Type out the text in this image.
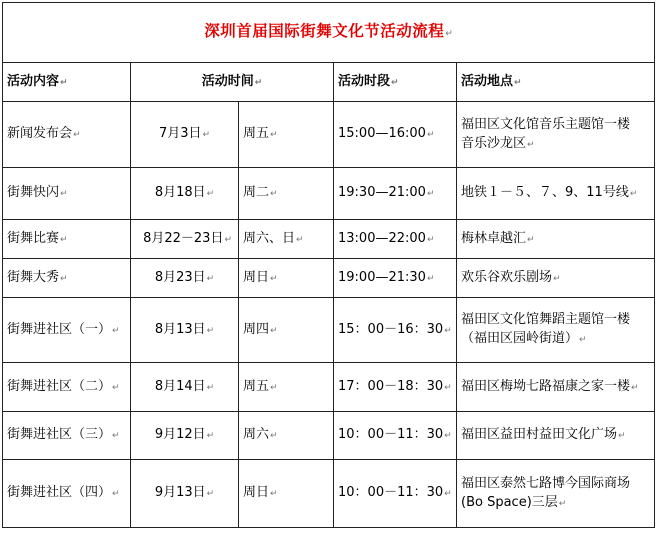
深圳首届国际街舞文化节活动流程↵				
活动内容↵	活动时间↵		活动时段↵	活动地点↵
新闻发布会↵	7月3日↵	周五↵	15:00—16:00↵	福田区文化馆音乐主题馆一楼
音乐沙龙区↵

街舞快闪↵	8月18日↵	周二↵	19:30—21:00↵	地铁１－５、７、9、11号线↵

街舞比赛↵	8月22－23日↵	周六、日↵	13:00—22:00↵	梅林卓越汇↵

街舞大秀↵	8月23日↵	周日↵	19:00—21:30↵	欢乐谷欢乐剧场↵

街舞进社区（一）↵	8月13日↵	周四↵	15：00－16：30↵	福田区文化馆舞蹈主题馆一楼
（福田区园岭街道）↵

街舞进社区（二）↵	8月14日↵	周五↵	17：00－18：30↵	福田区梅坳七路福康之家一楼↵

街舞进社区（三）↵	9月12日↵	周六↵	10：00－11：30↵	福田区益田村益田文化广场↵

街舞进社区（四）↵	9月13日↵	周日↵	10：00－11：30↵	福田区泰然七路博今国际商场
(Bo Space)三层↵
